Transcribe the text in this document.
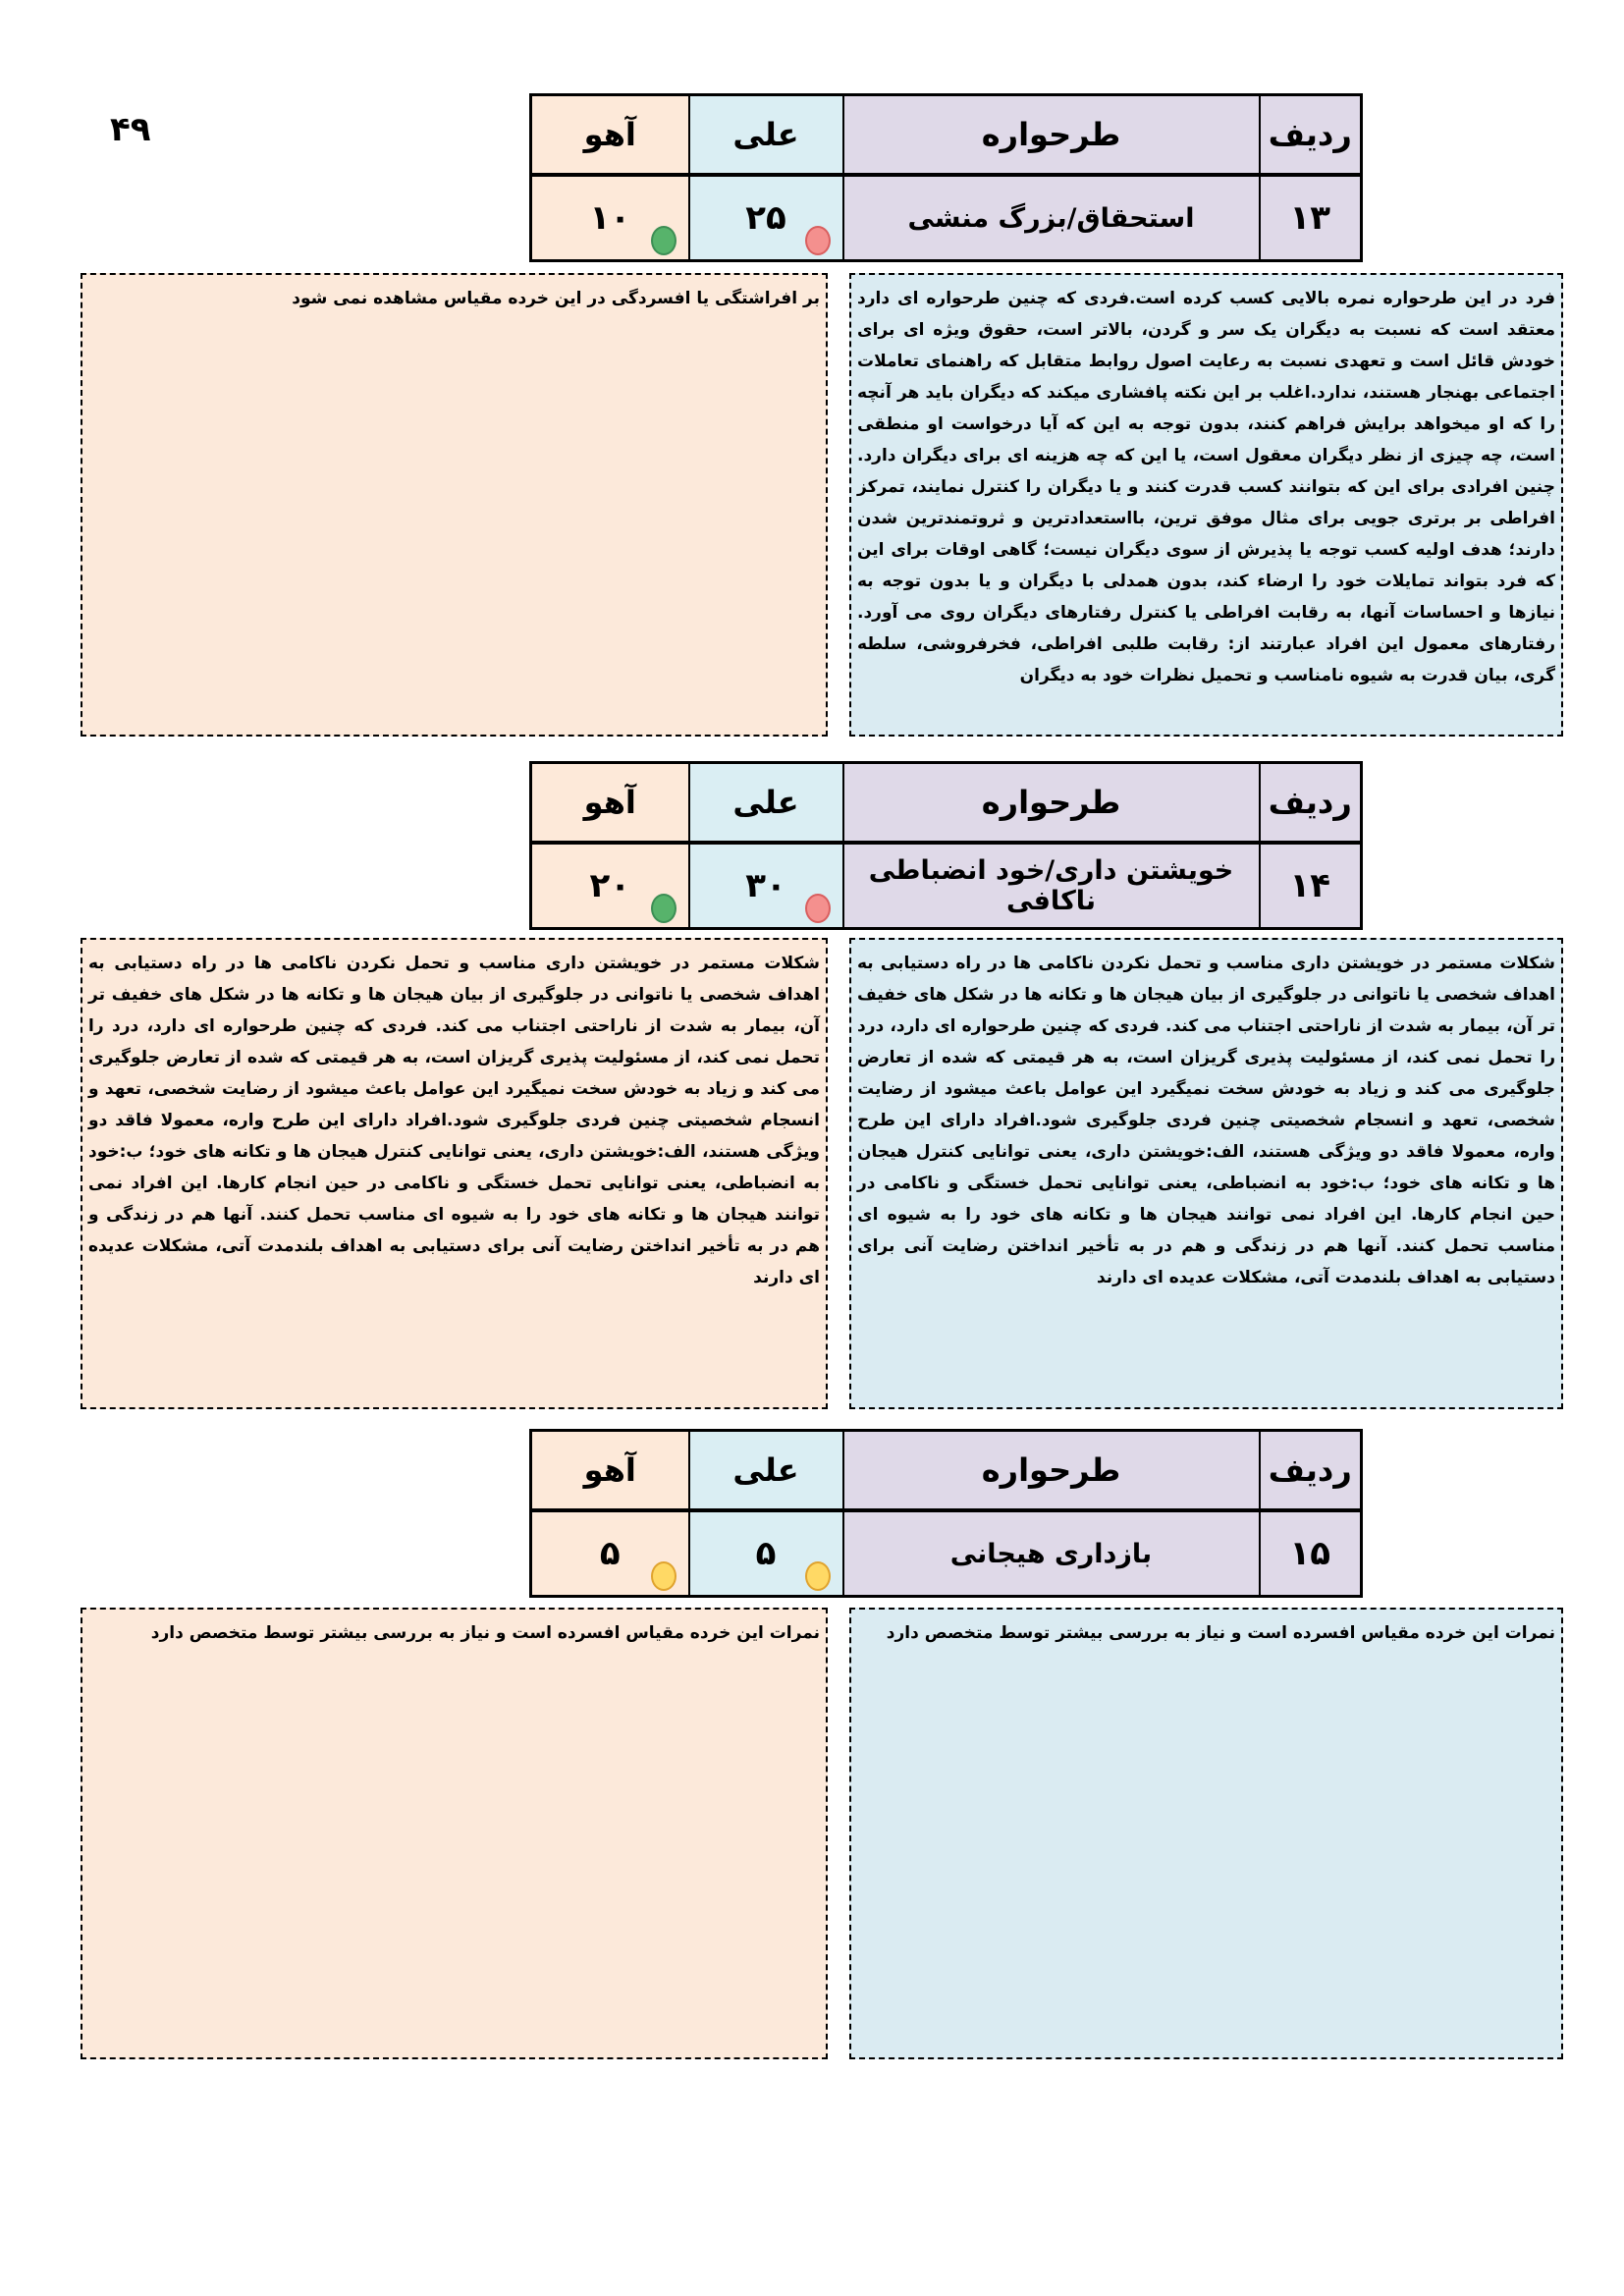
۴۹	ردیف	طرحواره	علی	آهو
۱۳	استحقاق/بزرگ منشی	۲۵	۱۰
فرد در این طرحواره نمره بالایی کسب کرده است.فردی که چنین طرحواره ای دارد معتقد است که نسبت به دیگران یک سر و گردن، بالاتر است، حقوق ویژه ای برای خودش قائل است و تعهدی نسبت به رعایت اصول روابط متقابل که راهنمای تعاملات اجتماعی بهنجار هستند، ندارد.اغلب بر این نکته پافشاری میکند که دیگران باید هر آنچه را که او میخواهد برایش فراهم کنند، بدون توجه به این که آیا درخواست او منطقی است، چه چیزی از نظر دیگران معقول است، یا این که چه هزینه ای برای دیگران دارد. چنین افرادی برای این که بتوانند کسب قدرت کنند و یا دیگران را کنترل نمایند، تمرکز افراطی بر برتری جویی برای مثال موفق ترین، بااستعدادترین و ثروتمندترین شدن دارند؛ هدف اولیه کسب توجه یا پذیرش از سوی دیگران نیست؛ گاهی اوقات برای این که فرد بتواند تمایلات خود را ارضاء کند، بدون همدلی با دیگران و یا بدون توجه به نیازها و احساسات آنها، به رقابت افراطی یا کنترل رفتارهای دیگران روی می آورد. رفتارهای معمول این افراد عبارتند از: رقابت طلبی افراطی، فخرفروشی، سلطه گری، بیان قدرت به شیوه نامناسب و تحمیل نظرات خود به دیگران
بر افراشتگی یا افسردگی در این خرده مقیاس مشاهده نمی شود
ردیف	طرحواره	علی	آهو
۱۴	خویشتن داری/خود انضباطی ناکافی	۳۰	۲۰
شکلات مستمر در خویشتن داری مناسب و تحمل نکردن ناکامی ها در راه دستیابی به اهداف شخصی یا ناتوانی در جلوگیری از بیان هیجان ها و تکانه ها در شکل های خفیف تر آن، بیمار به شدت از ناراحتی اجتناب می کند. فردی که چنین طرحواره ای دارد، درد را تحمل نمی کند، از مسئولیت پذیری گریزان است، به هر قیمتی که شده از تعارض جلوگیری می کند و زیاد به خودش سخت نمیگیرد این عوامل باعث میشود از رضایت شخصی، تعهد و انسجام شخصیتی چنین فردی جلوگیری شود.افراد دارای این طرح واره، معمولا فاقد دو ویژگی هستند، الف:خویشتن داری، یعنی توانایی کنترل هیجان ها و تکانه های خود؛ ب:خود به انضباطی، یعنی توانایی تحمل خستگی و ناکامی در حین انجام کارها. این افراد نمی توانند هیجان ها و تکانه های خود را به شیوه ای مناسب تحمل کنند. آنها هم در زندگی و هم در به تأخیر انداختن رضایت آنی برای دستیابی به اهداف بلندمدت آتی، مشکلات عدیده ای دارند
شکلات مستمر در خویشتن داری مناسب و تحمل نکردن ناکامی ها در راه دستیابی به اهداف شخصی یا ناتوانی در جلوگیری از بیان هیجان ها و تکانه ها در شکل های خفیف تر آن، بیمار به شدت از ناراحتی اجتناب می کند. فردی که چنین طرحواره ای دارد، درد را تحمل نمی کند، از مسئولیت پذیری گریزان است، به هر قیمتی که شده از تعارض جلوگیری می کند و زیاد به خودش سخت نمیگیرد این عوامل باعث میشود از رضایت شخصی، تعهد و انسجام شخصیتی چنین فردی جلوگیری شود.افراد دارای این طرح واره، معمولا فاقد دو ویژگی هستند، الف:خویشتن داری، یعنی توانایی کنترل هیجان ها و تکانه های خود؛ ب:خود به انضباطی، یعنی توانایی تحمل خستگی و ناکامی در حین انجام کارها. این افراد نمی توانند هیجان ها و تکانه های خود را به شیوه ای مناسب تحمل کنند. آنها هم در زندگی و هم در به تأخیر انداختن رضایت آنی برای دستیابی به اهداف بلندمدت آتی، مشکلات عدیده ای دارند
ردیف	طرحواره	علی	آهو
۱۵	بازداری هیجانی	۵	۵
نمرات این خرده مقیاس افسرده است و نیاز به بررسی بیشتر توسط متخصص دارد
نمرات این خرده مقیاس افسرده است و نیاز به بررسی بیشتر توسط متخصص دارد
